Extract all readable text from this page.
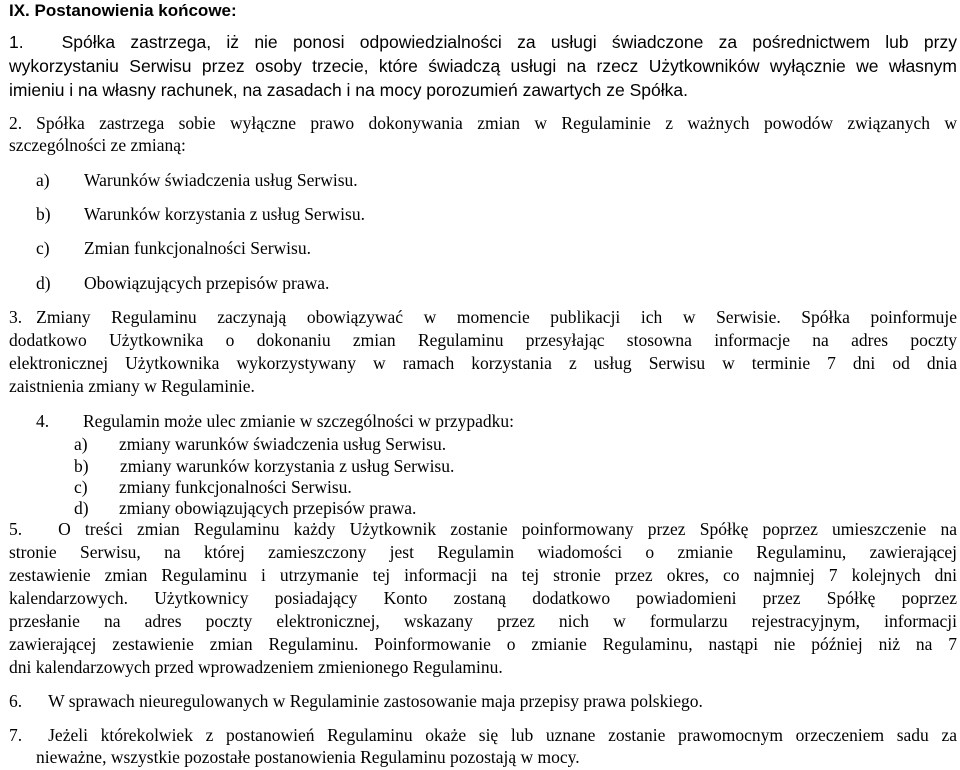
IX. Postanowienia końcowe:
1. Spółka zastrzega, iż nie ponosi odpowiedzialności za usługi świadczone za pośrednictwem lub przy
wykorzystaniu Serwisu przez osoby trzecie, które świadczą usługi na rzecz Użytkowników wyłącznie we własnym
imieniu i na własny rachunek, na zasadach i na mocy porozumień zawartych ze Spółka.
2. Spółka zastrzega sobie wyłączne prawo dokonywania zmian w Regulaminie z ważnych powodów związanych w
szczególności ze zmianą:
a) Warunków świadczenia usług Serwisu.
b) Warunków korzystania z usług Serwisu.
c) Zmian funkcjonalności Serwisu.
d) Obowiązujących przepisów prawa.
3. Zmiany Regulaminu zaczynają obowiązywać w momencie publikacji ich w Serwisie. Spółka poinformuje
dodatkowo Użytkownika o dokonaniu zmian Regulaminu przesyłając stosowna informacje na adres poczty
elektronicznej Użytkownika wykorzystywany w ramach korzystania z usług Serwisu w terminie 7 dni od dnia
zaistnienia zmiany w Regulaminie.
4. Regulamin może ulec zmianie w szczególności w przypadku:
a) zmiany warunków świadczenia usług Serwisu.
b) zmiany warunków korzystania z usług Serwisu.
c) zmiany funkcjonalności Serwisu.
d) zmiany obowiązujących przepisów prawa.
5. O treści zmian Regulaminu każdy Użytkownik zostanie poinformowany przez Spółkę poprzez umieszczenie na
stronie Serwisu, na której zamieszczony jest Regulamin wiadomości o zmianie Regulaminu, zawierającej
zestawienie zmian Regulaminu i utrzymanie tej informacji na tej stronie przez okres, co najmniej 7 kolejnych dni
kalendarzowych. Użytkownicy posiadający Konto zostaną dodatkowo powiadomieni przez Spółkę poprzez
przesłanie na adres poczty elektronicznej, wskazany przez nich w formularzu rejestracyjnym, informacji
zawierającej zestawienie zmian Regulaminu. Poinformowanie o zmianie Regulaminu, nastąpi nie później niż na 7
dni kalendarzowych przed wprowadzeniem zmienionego Regulaminu.
6. W sprawach nieuregulowanych w Regulaminie zastosowanie maja przepisy prawa polskiego.
7. Jeżeli którekolwiek z postanowień Regulaminu okaże się lub uznane zostanie prawomocnym orzeczeniem sadu za
nieważne, wszystkie pozostałe postanowienia Regulaminu pozostają w mocy.
